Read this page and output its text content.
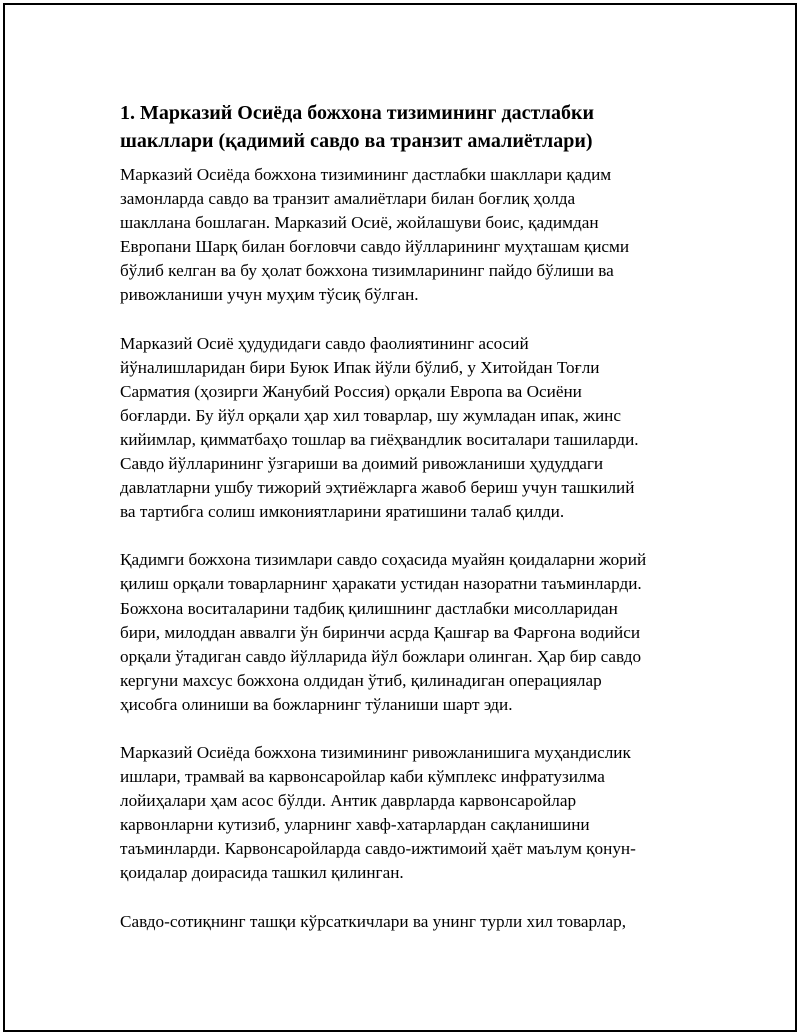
1. Марказий Осиёда божхона тизимининг дастлабки шакллари (қадимий савдо ва транзит амалиётлари)
Марказий Осиёда божхона тизимининг дастлабки шакллари қадим
замонларда савдо ва транзит амалиётлари билан боғлиқ ҳолда
шакллана бошлаган. Марказий Осиё, жойлашуви боис, қадимдан
Европани Шарқ билан боғловчи савдо йўлларининг муҳташам қисми
бўлиб келган ва бу ҳолат божхона тизимларининг пайдо бўлиши ва
ривожланиши учун муҳим тўсиқ бўлган.
Марказий Осиё ҳудудидаги савдо фаолиятининг асосий
йўналишларидан бири Буюк Ипак йўли бўлиб, у Хитойдан Тоғли
Сарматия (ҳозирги Жанубий Россия) орқали Европа ва Осиёни
боғларди. Бу йўл орқали ҳар хил товарлар, шу жумладан ипак, жинс
кийимлар, қимматбаҳо тошлар ва гиёҳвандлик воситалари ташиларди.
Савдо йўлларининг ўзгариши ва доимий ривожланиши ҳудуддаги
давлатларни ушбу тижорий эҳтиёжларга жавоб бериш учун ташкилий
ва тартибга солиш имкониятларини яратишини талаб қилди.
Қадимги божхона тизимлари савдо соҳасида муайян қоидаларни жорий
қилиш орқали товарларнинг ҳаракати устидан назоратни таъминларди.
Божхона воситаларини тадбиқ қилишнинг дастлабки мисолларидан
бири, милоддан аввалги ўн биринчи асрда Қашғар ва Фарғона водийси
орқали ўтадиган савдо йўлларида йўл божлари олинган. Ҳар бир савдо
кергуни махсус божхона олдидан ўтиб, қилинадиган операциялар
ҳисобга олиниши ва божларнинг тўланиши шарт эди.
Марказий Осиёда божхона тизимининг ривожланишига муҳандислик
ишлари, трамвай ва карвонсаройлар каби кўмплекс инфратузилма
лойиҳалари ҳам асос бўлди. Антик даврларда карвонсаройлар
карвонларни кутизиб, уларнинг хавф-хатарлардан сақланишини
таъминларди. Карвонсаройларда савдо-ижтимоий ҳаёт маълум қонун-
қоидалар доирасида ташкил қилинган.
Савдо-сотиқнинг ташқи кўрсаткичлари ва унинг турли хил товарлар,
